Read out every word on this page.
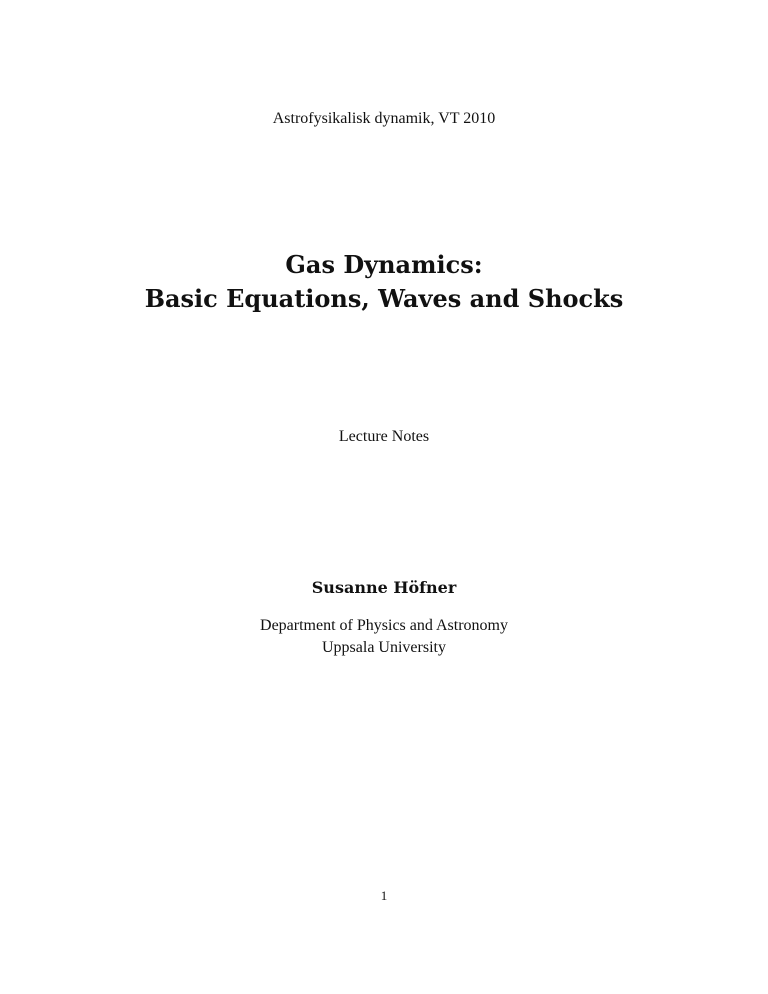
Astrofysikalisk dynamik, VT 2010
Gas Dynamics:
Basic Equations, Waves and Shocks
Lecture Notes
Susanne Höfner
Department of Physics and Astronomy
Uppsala University
1
